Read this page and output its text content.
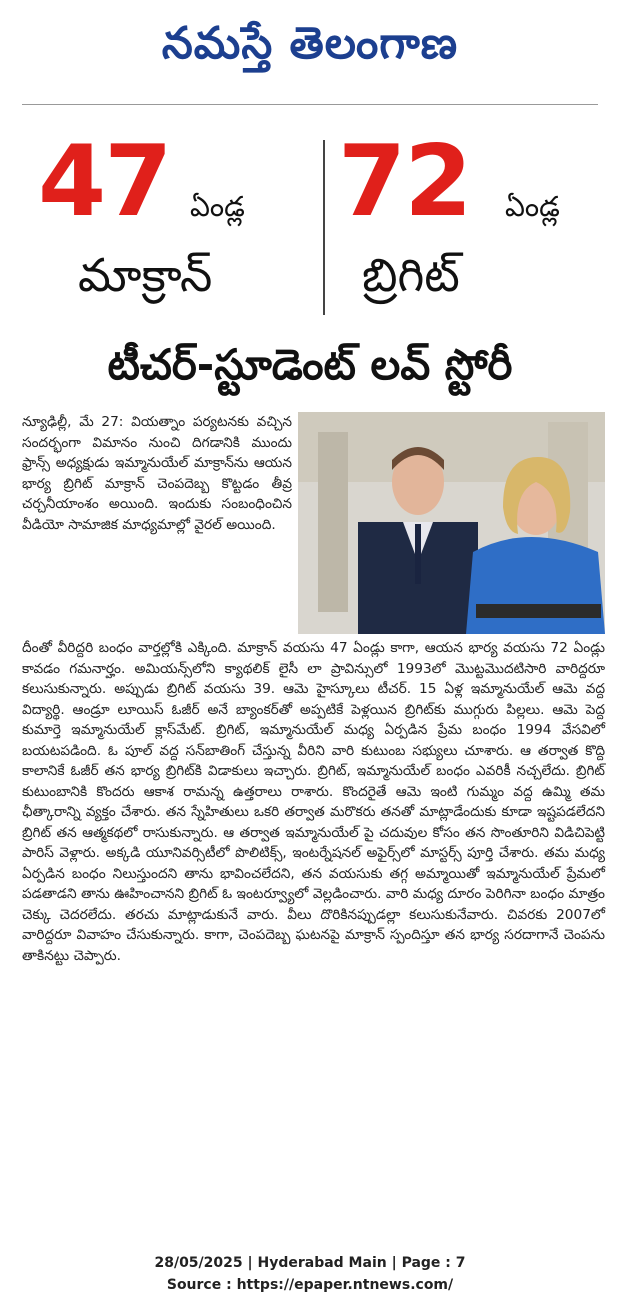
నమస్తే తెలంగాణ
47 ఏండ్ల
మాక్రాన్
72 ఏండ్ల
బ్రిగిట్
టీచర్-స్టూడెంట్ లవ్ స్టోరీ
న్యూఢిల్లీ, మే 27: వియత్నాం పర్యటనకు వచ్చిన సందర్భంగా విమానం నుంచి దిగడానికి ముందు ఫ్రాన్స్ అధ్యక్షుడు ఇమ్మానుయేల్ మాక్రాన్‌ను ఆయన భార్య బ్రిగిట్ మాక్రాన్ చెంపదెబ్బ కొట్టడం తీవ్ర చర్చనీయాంశం అయింది. ఇందుకు సంబంధించిన వీడియో సామాజిక మాధ్యమాల్లో వైరల్ అయింది.
దీంతో వీరిద్దరి బంధం వార్తల్లోకి ఎక్కింది. మాక్రాన్ వయసు 47 ఏండ్లు కాగా, ఆయన భార్య వయసు 72 ఏండ్లు కావడం గమనార్హం. అమియన్స్‌లోని క్యాథలిక్ లైసీ లా ప్రావిన్సులో 1993లో మొట్టమొదటిసారి వారిద్దరూ కలుసుకున్నారు. అప్పుడు బ్రిగిట్ వయసు 39. ఆమె హైస్కూలు టీచర్. 15 ఏళ్ల ఇమ్మానుయేల్ ఆమె వద్ద విద్యార్థి. ఆండ్రూ లూయిస్ ఓజీర్ అనే బ్యాంకర్‌తో అప్పటికే పెళ్లయిన బ్రిగిట్‌కు ముగ్గురు పిల్లలు. ఆమె పెద్ద కుమార్తె ఇమ్మానుయేల్ క్లాస్‌మేట్. బ్రిగిట్, ఇమ్మానుయేల్ మధ్య ఏర్పడిన ప్రేమ బంధం 1994 వేసవిలో బయటపడింది. ఓ పూల్ వద్ద సన్‌బాతింగ్ చేస్తున్న వీరిని వారి కుటుంబ సభ్యులు చూశారు. ఆ తర్వాత కొద్ది కాలానికే ఓజీర్ తన భార్య బ్రిగిట్‌కి విడాకులు ఇచ్చారు. బ్రిగిట్, ఇమ్మానుయేల్ బంధం ఎవరికీ నచ్చలేదు. బ్రిగిట్ కుటుంబానికి కొందరు ఆకాశ రామన్న ఉత్తరాలు రాశారు. కొందరైతే ఆమె ఇంటి గుమ్మం వద్ద ఉమ్మి తమ ఛీత్కారాన్ని వ్యక్తం చేశారు. తన స్నేహితులు ఒకరి తర్వాత మరొకరు తనతో మాట్లాడేందుకు కూడా ఇష్టపడలేదని బ్రిగిట్ తన ఆత్మకథలో రాసుకున్నారు. ఆ తర్వాత ఇమ్మానుయేల్ పై చదువుల కోసం తన సొంతూరిని విడిచిపెట్టి పారిస్ వెళ్లారు. అక్కడి యూనివర్సిటీలో పొలిటిక్స్, ఇంటర్నేషనల్ అఫైర్స్‌లో మాస్టర్స్ పూర్తి చేశారు. తమ మధ్య ఏర్పడిన బంధం నిలుస్తుందని తాను భావించలేదని, తన వయసుకు తగ్గ అమ్మాయితో ఇమ్మానుయేల్ ప్రేమలో పడతాడని తాను ఊహించానని బ్రిగిట్ ఓ ఇంటర్వ్యూలో వెల్లడించారు. వారి మధ్య దూరం పెరిగినా బంధం మాత్రం చెక్కు చెదరలేదు. తరచు మాట్లాడుకునే వారు. వీలు దొరికినప్పుడల్లా కలుసుకునేవారు. చివరకు 2007లో వారిద్దరూ వివాహం చేసుకున్నారు. కాగా, చెంపదెబ్బ ఘటనపై మాక్రాన్ స్పందిస్తూ తన భార్య సరదాగానే చెంపను తాకినట్టు చెప్పారు.
28/05/2025 | Hyderabad Main | Page : 7
Source : https://epaper.ntnews.com/
